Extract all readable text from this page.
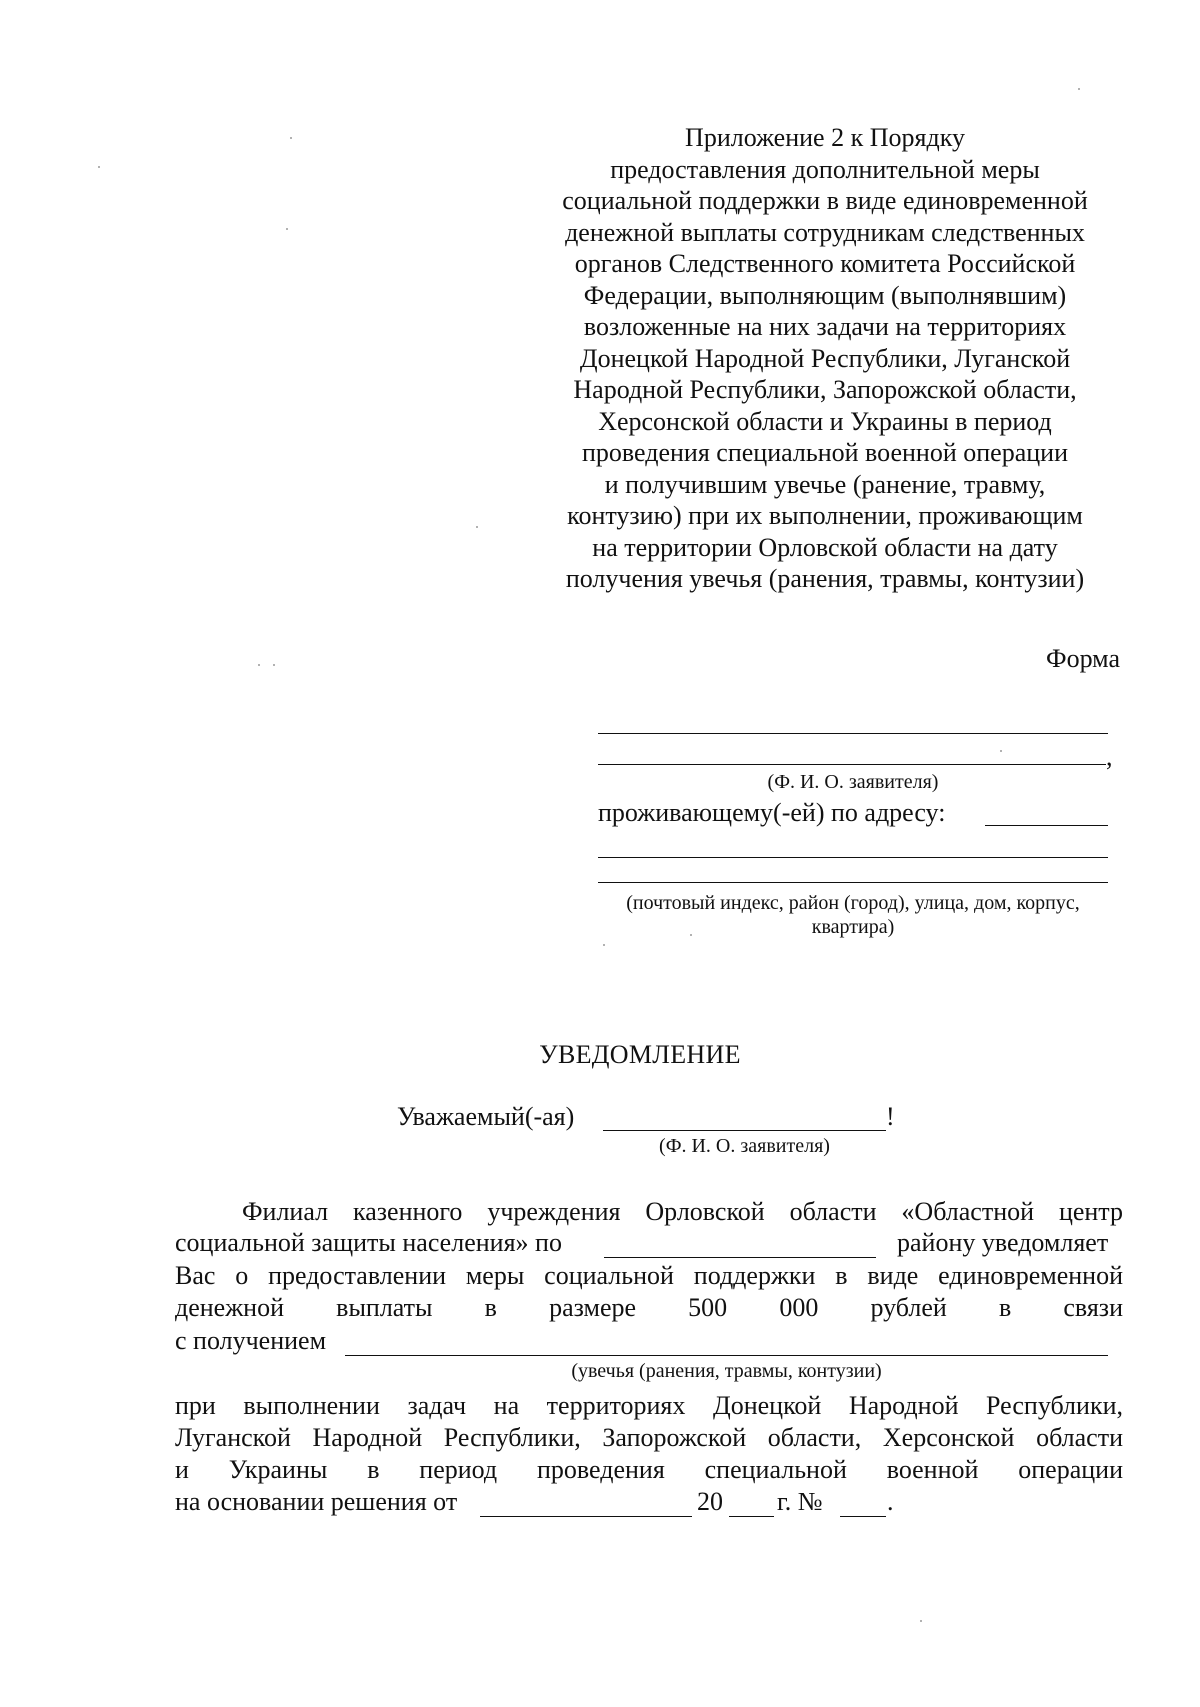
Приложение 2 к Порядку
предоставления дополнительной меры
социальной поддержки в виде единовременной
денежной выплаты сотрудникам следственных
органов Следственного комитета Российской
Федерации, выполняющим (выполнявшим)
возложенные на них задачи на территориях
Донецкой Народной Республики, Луганской
Народной Республики, Запорожской области,
Херсонской области и Украины в период
проведения специальной военной операции
и получившим увечье (ранение, травму,
контузию) при их выполнении, проживающим
на территории Орловской области на дату
получения увечья (ранения, травмы, контузии)
Форма
,
(Ф. И. О. заявителя)
проживающему(-ей) по адресу:
(почтовый индекс, район (город), улица, дом, корпус,
квартира)
УВЕДОМЛЕНИЕ
Уважаемый(-ая)	!
(Ф. И. О. заявителя)
Филиал казенного учреждения Орловской области «Областной центр
социальной защиты населения» по	району уведомляет
Вас о предоставлении меры социальной поддержки в виде единовременной
денежной выплаты в размере 500 000 рублей в связи
с получением
(увечья (ранения, травмы, контузии)
при выполнении задач на территориях Донецкой Народной Республики,
Луганской Народной Республики, Запорожской области, Херсонской области
и Украины в период проведения специальной военной операции
на основании решения от	20 г. № .
